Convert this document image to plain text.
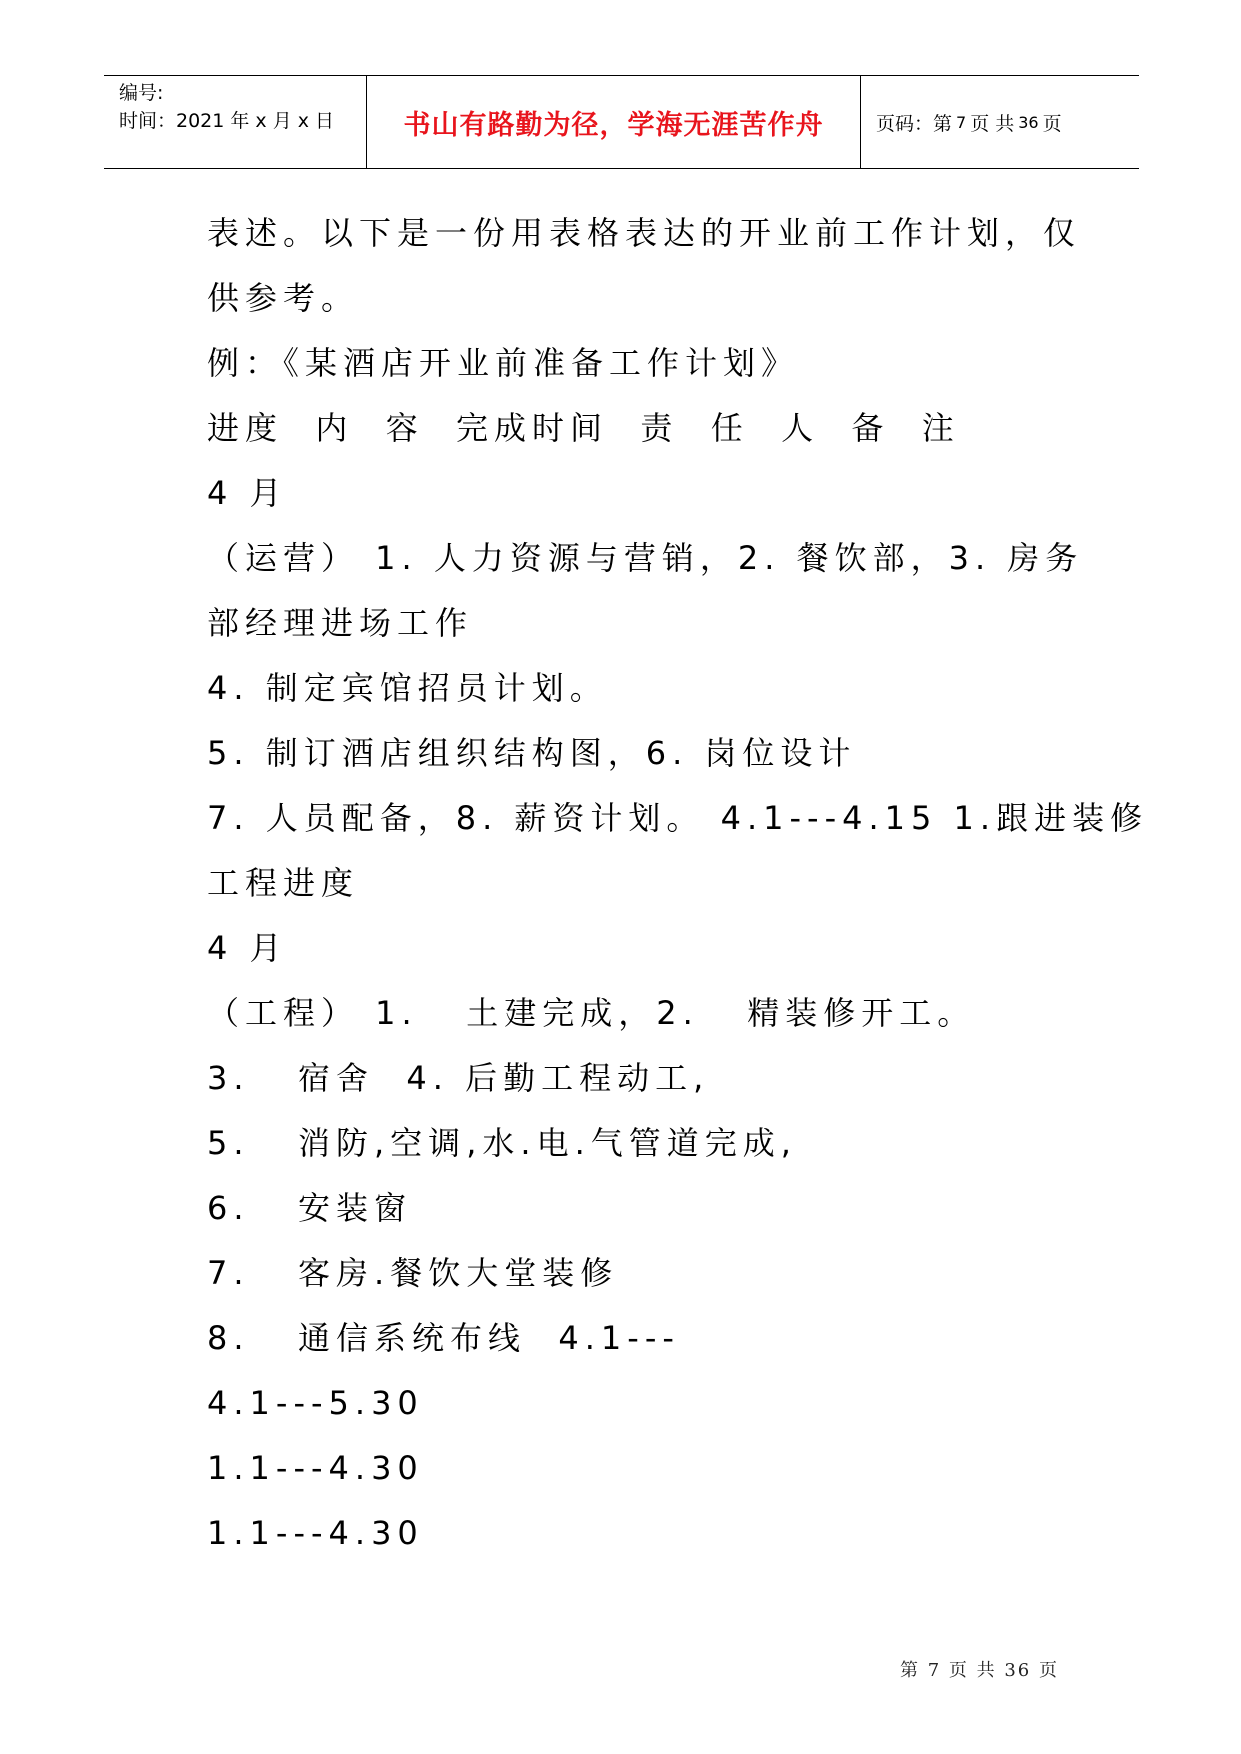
编号:
时间：2021 年 x 月 x 日	书山有路勤为径，学海无涯苦作舟	页码：第 7 页 共 36 页
表述。以下是一份用表格表达的开业前工作计划，仅
供参考。
例：《某酒店开业前准备工作计划》
进度  内  容  完成时间  责  任  人  备  注
4 月
（运营） 1. 人力资源与营销，2. 餐饮部，3. 房务
部经理进场工作
4. 制定宾馆招员计划。
5. 制订酒店组织结构图，6. 岗位设计
7. 人员配备，8. 薪资计划。 4.1---4.15 1.跟进装修
工程进度
4 月
（工程） 1.   土建完成，2.   精装修开工。
3.   宿舍  4. 后勤工程动工,
5.   消防,空调,水.电.气管道完成,
6.   安装窗
7.   客房.餐饮大堂装修
8.   通信系统布线  4.1---
4.1---5.30
1.1---4.30
1.1---4.30
第 7 页 共 36 页
